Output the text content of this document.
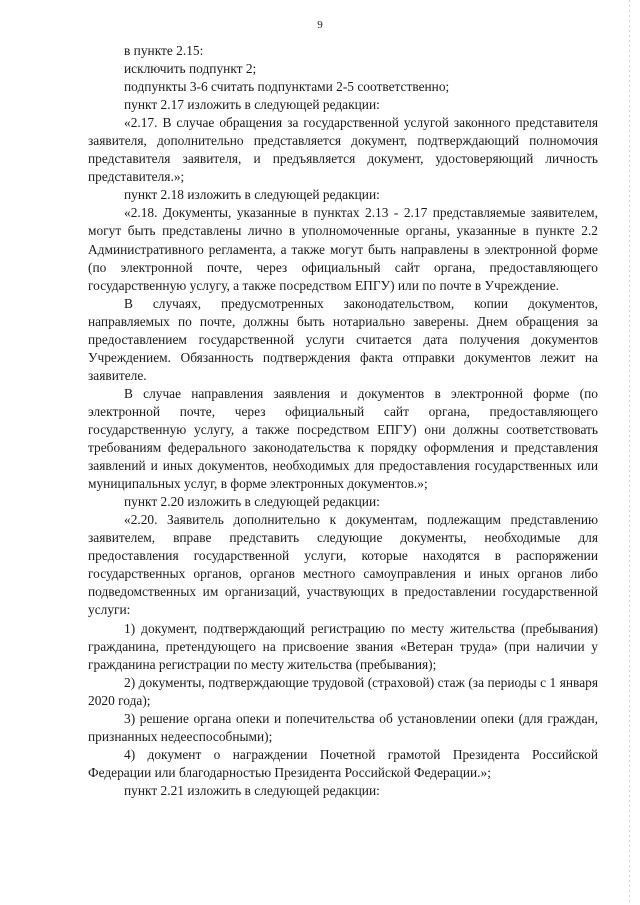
9

в пункте 2.15:

исключить подпункт 2;

подпункты 3-6 считать подпунктами 2-5 соответственно;

пункт 2.17 изложить в следующей редакции:

«2.17. В случае обращения за государственной услугой законного представителя заявителя, дополнительно представляется документ, подтверждающий полномочия представителя заявителя, и предъявляется документ, удостоверяющий личность представителя.»;

пункт 2.18 изложить в следующей редакции:

«2.18. Документы, указанные в пунктах 2.13 - 2.17 представляемые заявителем, могут быть представлены лично в уполномоченные органы, указанные в пункте 2.2 Административного регламента, а также могут быть направлены в электронной форме (по электронной почте, через официальный сайт органа, предоставляющего государственную услугу, а также посредством ЕПГУ) или по почте в Учреждение.

В случаях, предусмотренных законодательством, копии документов, направляемых по почте, должны быть нотариально заверены. Днем обращения за предоставлением государственной услуги считается дата получения документов Учреждением. Обязанность подтверждения факта отправки документов лежит на заявителе.

В случае направления заявления и документов в электронной форме (по электронной почте, через официальный сайт органа, предоставляющего государственную услугу, а также посредством ЕПГУ) они должны соответствовать требованиям федерального законодательства к порядку оформления и представления заявлений и иных документов, необходимых для предоставления государственных или муниципальных услуг, в форме электронных документов.»;

пункт 2.20 изложить в следующей редакции:

«2.20. Заявитель дополнительно к документам, подлежащим представлению заявителем, вправе представить следующие документы, необходимые для предоставления государственной услуги, которые находятся в распоряжении государственных органов, органов местного самоуправления и иных органов либо подведомственных им организаций, участвующих в предоставлении государственной услуги:

1) документ, подтверждающий регистрацию по месту жительства (пребывания) гражданина, претендующего на присвоение звания «Ветеран труда» (при наличии у гражданина регистрации по месту жительства (пребывания);

2) документы, подтверждающие трудовой (страховой) стаж (за периоды с 1 января 2020 года);

3) решение органа опеки и попечительства об установлении опеки (для граждан, признанных недееспособными);

4) документ о награждении Почетной грамотой Президента Российской Федерации или благодарностью Президента Российской Федерации.»;

пункт 2.21 изложить в следующей редакции:
